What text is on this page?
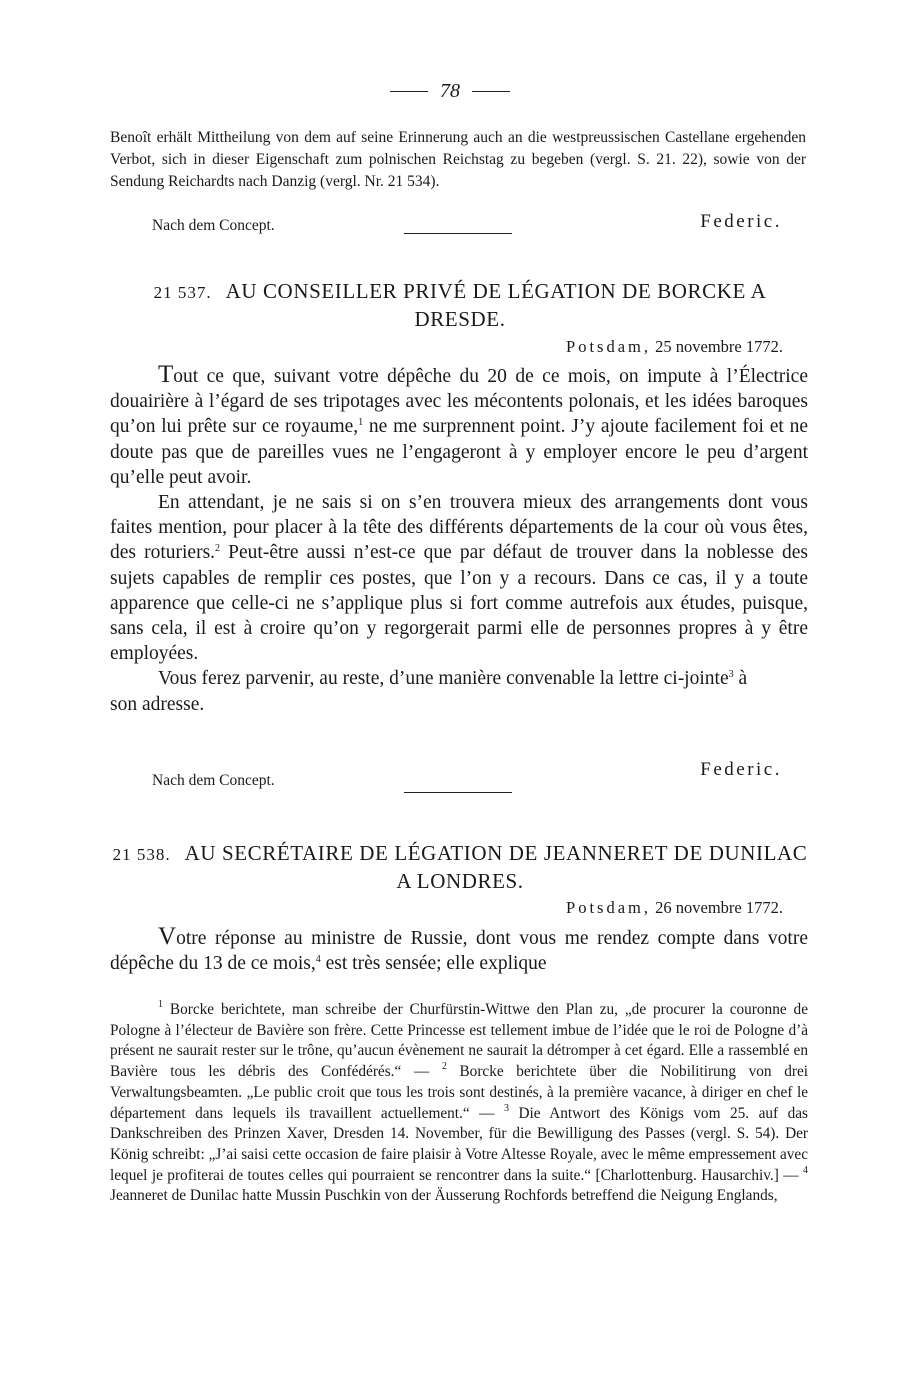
78
Benoît erhält Mittheilung von dem auf seine Erinnerung auch an die westpreussischen Castellane ergehenden Verbot, sich in dieser Eigenschaft zum polnischen Reichstag zu begeben (vergl. S. 21. 22), sowie von der Sendung Reichardts nach Danzig (vergl. Nr. 21 534).
Nach dem Concept.	Federic.
21 537. AU CONSEILLER PRIVÉ DE LÉGATION DE BORCKE A DRESDE.
Potsdam, 25 novembre 1772.

Tout ce que, suivant votre dépêche du 20 de ce mois, on impute à l’Électrice douairière à l’égard de ses tripotages avec les mécontents polonais, et les idées baroques qu’on lui prête sur ce royaume,$^1$ ne me surprennent point. J’y ajoute facilement foi et ne doute pas que de pareilles vues ne l’engageront à y employer encore le peu d’argent qu’elle peut avoir.

En attendant, je ne sais si on s’en trouvera mieux des arrangements dont vous faites mention, pour placer à la tête des différents départements de la cour où vous êtes, des roturiers.$^2$ Peut-être aussi n’est-ce que par défaut de trouver dans la noblesse des sujets capables de remplir ces postes, que l’on y a recours. Dans ce cas, il y a toute apparence que celle-ci ne s’applique plus si fort comme autrefois aux études, puisque, sans cela, il est à croire qu’on y regorgerait parmi elle de personnes propres à y être employées.

Vous ferez parvenir, au reste, d’une manière convenable la lettre ci-jointe$^3$ à son adresse.

Nach dem Concept.
Federic.
21 538. AU SECRÉTAIRE DE LÉGATION DE JEANNERET DE DUNILAC A LONDRES.
Potsdam, 26 novembre 1772.

Votre réponse au ministre de Russie, dont vous me rendez compte dans votre dépêche du 13 de ce mois,$^4$ est très sensée; elle explique

$^1$ Borcke berichtete, man schreibe der Churfürstin-Wittwe den Plan zu, „de procurer la couronne de Pologne à l’électeur de Bavière son frère. Cette Princesse est tellement imbue de l’idée que le roi de Pologne d’à présent ne saurait rester sur le trône, qu’aucun évènement ne saurait la détromper à cet égard. Elle a rassemblé en Bavière tous les débris des Confédérés.“ — $^2$ Borcke berichtete über die Nobilitirung von drei Verwaltungsbeamten. „Le public croit que tous les trois sont destinés, à la première vacance, à diriger en chef le département dans lequels ils travaillent actuellement.“ — $^3$ Die Antwort des Königs vom 25. auf das Dankschreiben des Prinzen Xaver, Dresden 14. November, für die Bewilligung des Passes (vergl. S. 54). Der König schreibt: „J’ai saisi cette occasion de faire plaisir à Votre Altesse Royale, avec le même empressement avec lequel je profiterai de toutes celles qui pourraient se rencontrer dans la suite.“ [Charlottenburg. Hausarchiv.] — $^4$ Jeanneret de Dunilac hatte Mussin Puschkin von der Äusserung Rochfords betreffend die Neigung Englands,
